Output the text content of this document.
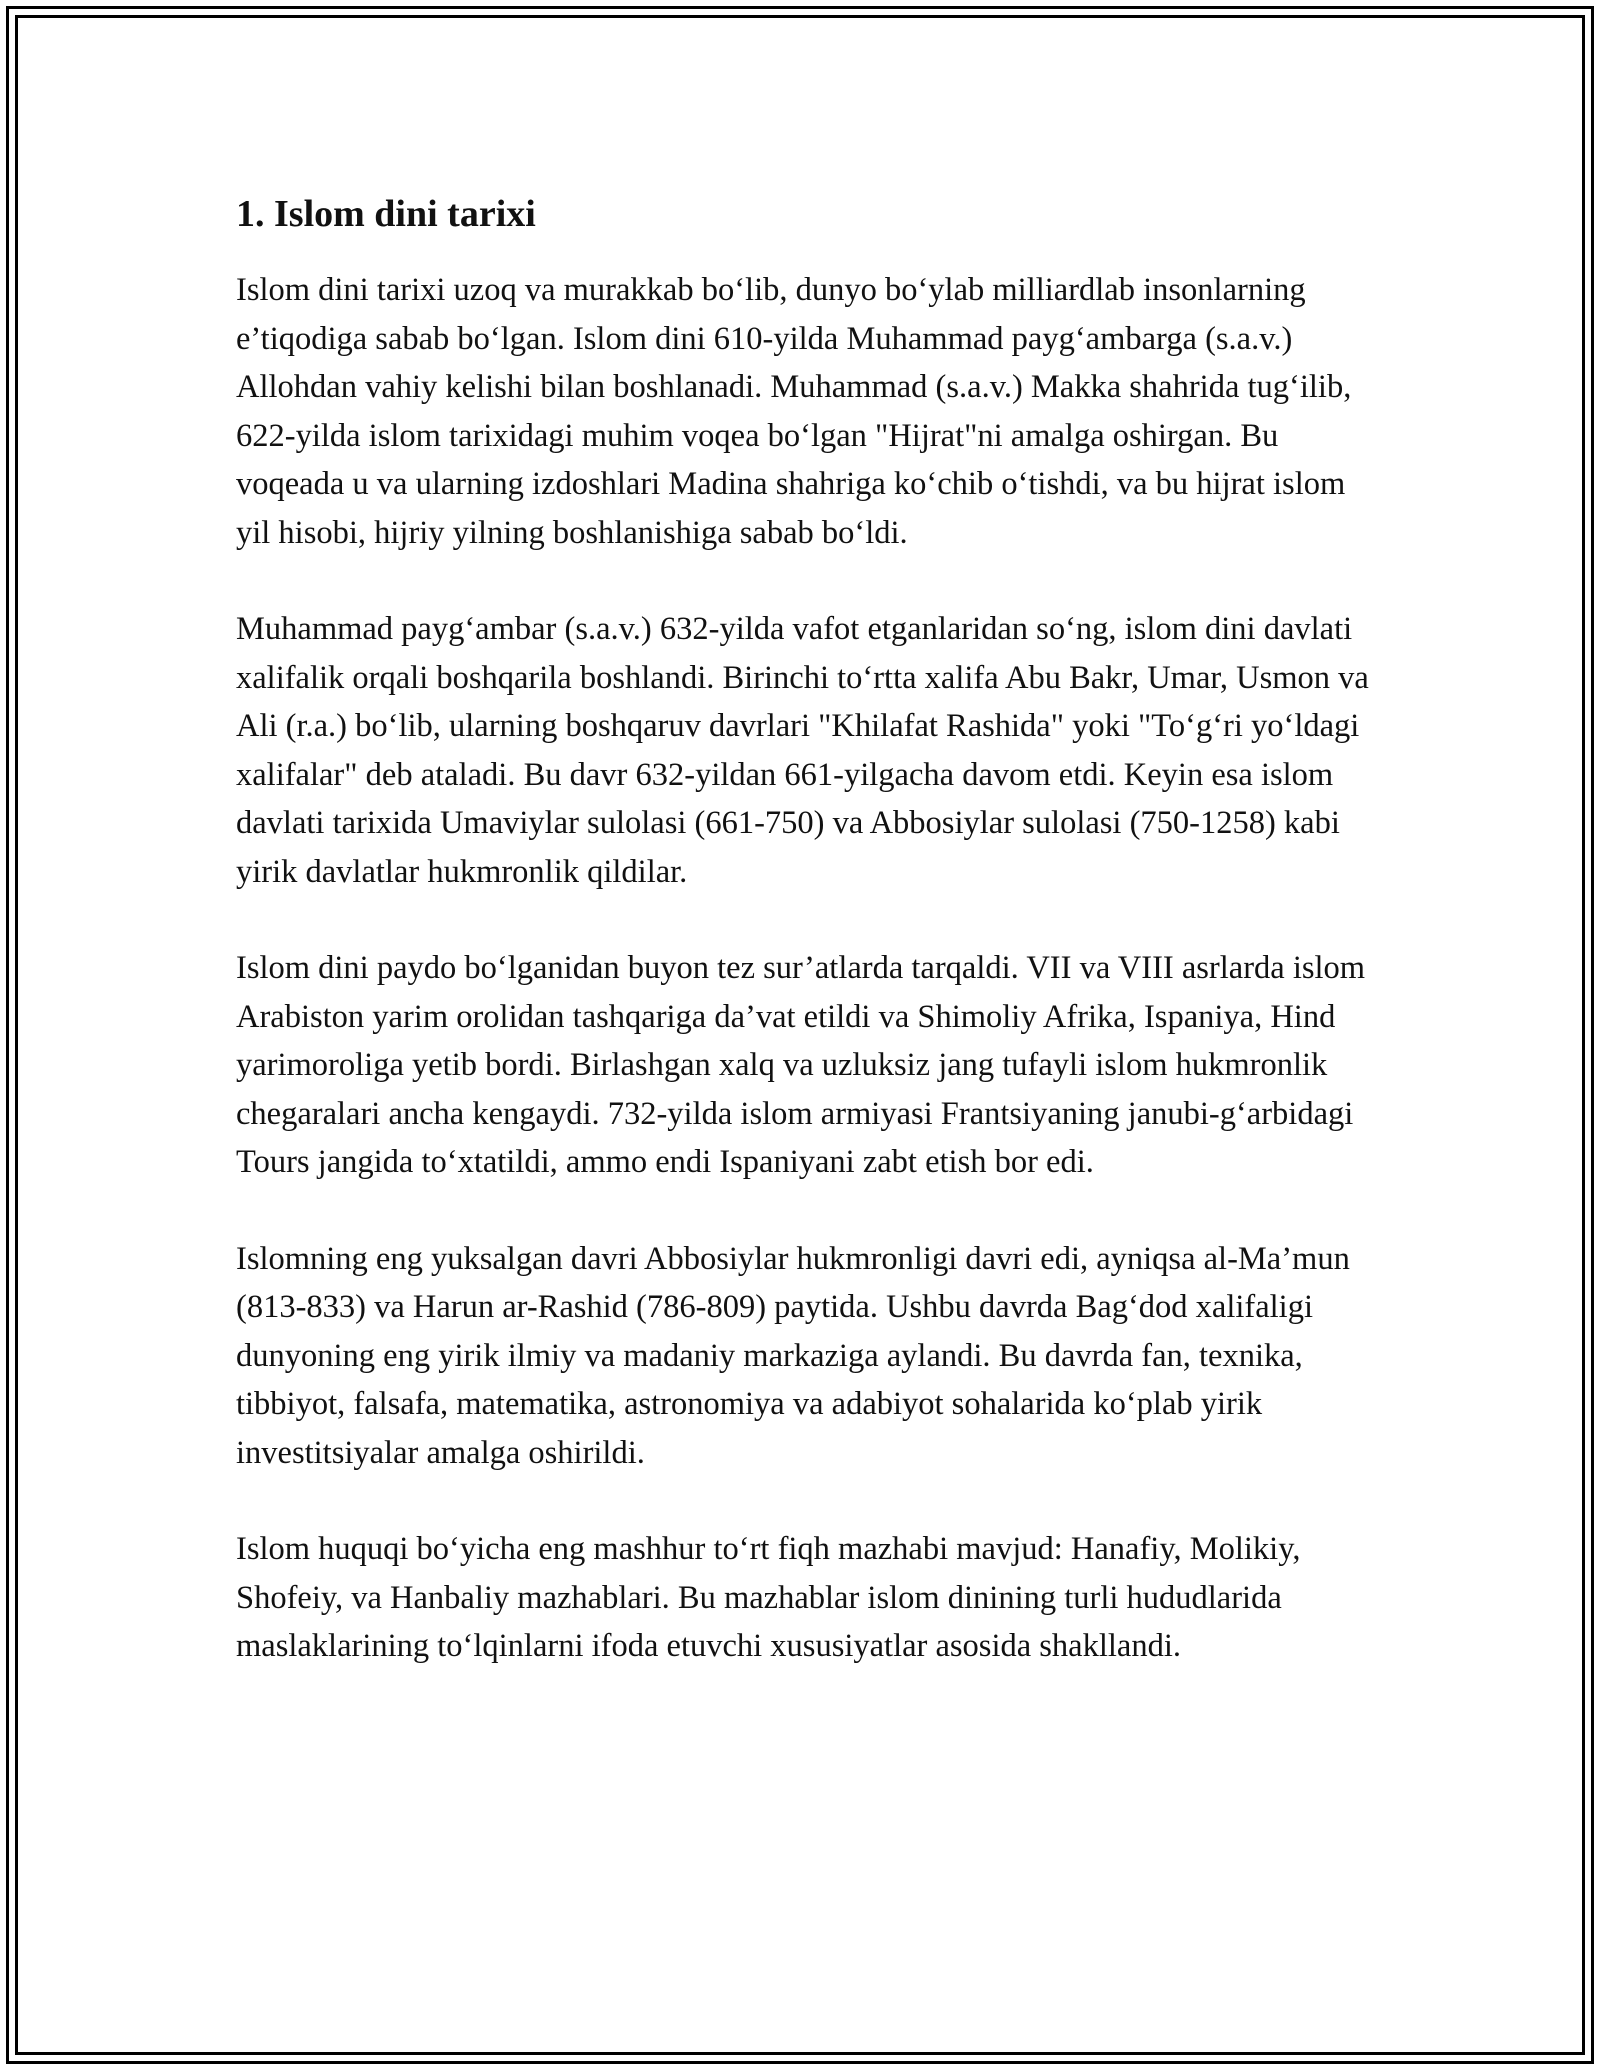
1. Islom dini tarixi

Islom dini tarixi uzoq va murakkab bo‘lib, dunyo bo‘ylab milliardlab insonlarning e’tiqodiga sabab bo‘lgan. Islom dini 610-yilda Muhammad payg‘ambarga (s.a.v.) Allohdan vahiy kelishi bilan boshlanadi. Muhammad (s.a.v.) Makka shahrida tug‘ilib, 622-yilda islom tarixidagi muhim voqea bo‘lgan "Hijrat"ni amalga oshirgan. Bu voqeada u va ularning izdoshlari Madina shahriga ko‘chib o‘tishdi, va bu hijrat islom yil hisobi, hijriy yilning boshlanishiga sabab bo‘ldi.

Muhammad payg‘ambar (s.a.v.) 632-yilda vafot etganlaridan so‘ng, islom dini davlati xalifalik orqali boshqarila boshlandi. Birinchi to‘rtta xalifa Abu Bakr, Umar, Usmon va Ali (r.a.) bo‘lib, ularning boshqaruv davrlari "Khilafat Rashida" yoki "To‘g‘ri yo‘ldagi xalifalar" deb ataladi. Bu davr 632-yildan 661-yilgacha davom etdi. Keyin esa islom davlati tarixida Umaviylar sulolasi (661-750) va Abbosiylar sulolasi (750-1258) kabi yirik davlatlar hukmronlik qildilar.

Islom dini paydo bo‘lganidan buyon tez sur’atlarda tarqaldi. VII va VIII asrlarda islom Arabiston yarim orolidan tashqariga da’vat etildi va Shimoliy Afrika, Ispaniya, Hind yarimoroliga yetib bordi. Birlashgan xalq va uzluksiz jang tufayli islom hukmronlik chegaralari ancha kengaydi. 732-yilda islom armiyasi Frantsiyaning janubi-g‘arbidagi Tours jangida to‘xtatildi, ammo endi Ispaniyani zabt etish bor edi.

Islomning eng yuksalgan davri Abbosiylar hukmronligi davri edi, ayniqsa al-Ma’mun (813-833) va Harun ar-Rashid (786-809) paytida. Ushbu davrda Bag‘dod xalifaligi dunyoning eng yirik ilmiy va madaniy markaziga aylandi. Bu davrda fan, texnika, tibbiyot, falsafa, matematika, astronomiya va adabiyot sohalarida ko‘plab yirik investitsiyalar amalga oshirildi.

Islom huquqi bo‘yicha eng mashhur to‘rt fiqh mazhabi mavjud: Hanafiy, Molikiy, Shofeiy, va Hanbaliy mazhablari. Bu mazhablar islom dinining turli hududlarida maslaklarining to‘lqinlarni ifoda etuvchi xususiyatlar asosida shakllandi.
